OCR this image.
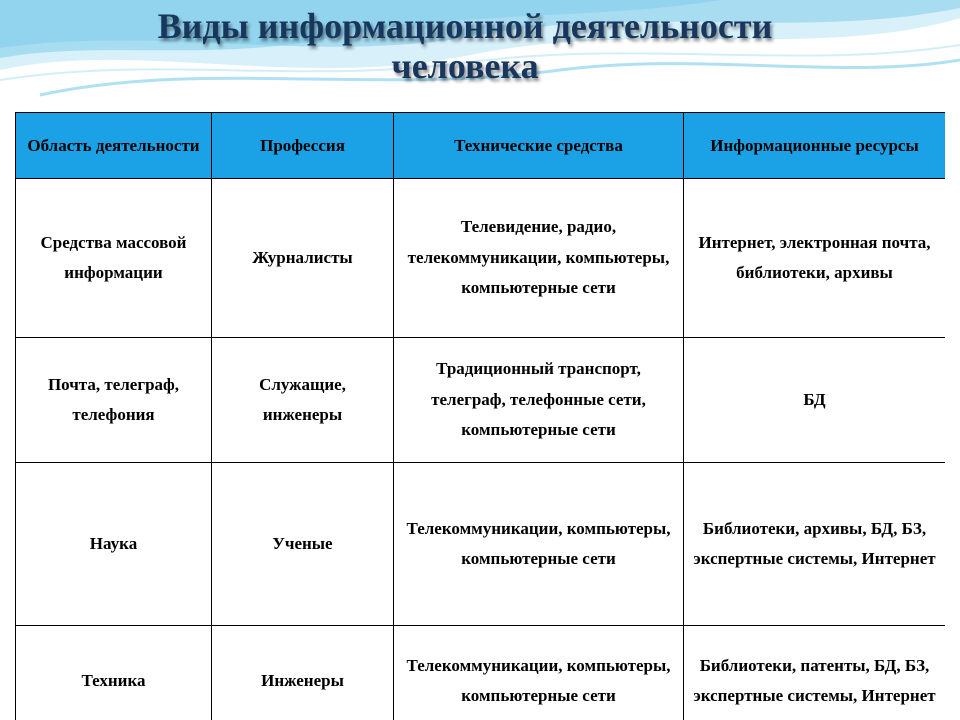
Виды информационной деятельности
человека
Область деятельности	Профессия	Технические средства	Информационные ресурсы
Средства массовой информации	Журналисты	Телевидение, радио, телекоммуникации, компьютеры, компьютерные сети	Интернет, электронная почта, библиотеки, архивы
Почта, телеграф, телефония	Служащие, инженеры	Традиционный транспорт, телеграф, телефонные сети, компьютерные сети	БД
Наука	Ученые	Телекоммуникации, компьютеры, компьютерные сети	Библиотеки, архивы, БД, БЗ, экспертные системы, Интернет
Техника	Инженеры	Телекоммуникации, компьютеры, компьютерные сети	Библиотеки, патенты, БД, БЗ, экспертные системы, Интернет
